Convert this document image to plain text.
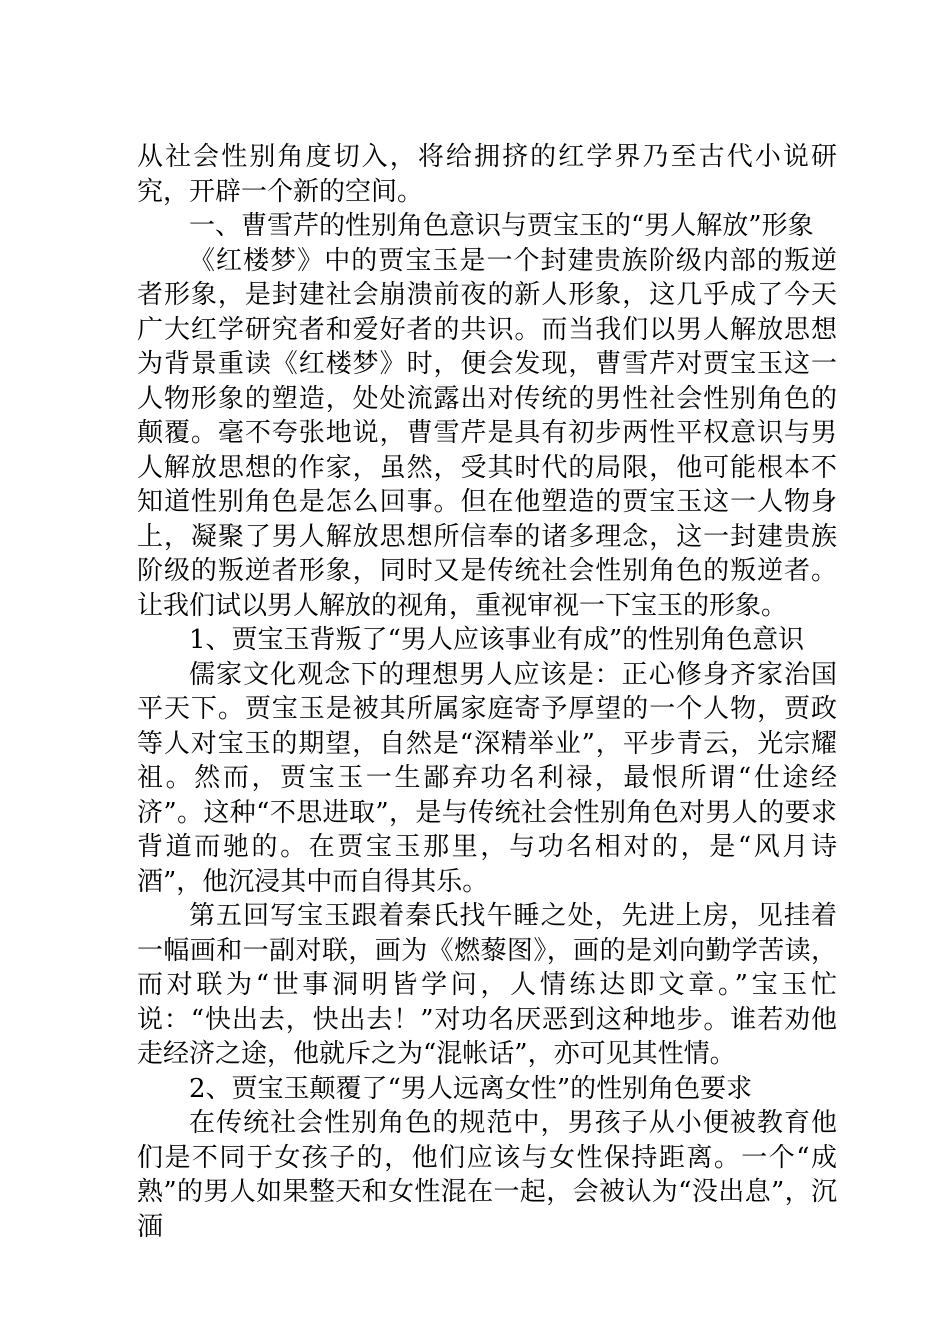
从社会性别角度切入，将给拥挤的红学界乃至古代小说研究，开辟一个新的空间。

一、曹雪芹的性别角色意识与贾宝玉的“男人解放”形象

《红楼梦》中的贾宝玉是一个封建贵族阶级内部的叛逆者形象，是封建社会崩溃前夜的新人形象，这几乎成了今天广大红学研究者和爱好者的共识。而当我们以男人解放思想为背景重读《红楼梦》时，便会发现，曹雪芹对贾宝玉这一人物形象的塑造，处处流露出对传统的男性社会性别角色的颠覆。毫不夸张地说，曹雪芹是具有初步两性平权意识与男人解放思想的作家，虽然，受其时代的局限，他可能根本不知道性别角色是怎么回事。但在他塑造的贾宝玉这一人物身上，凝聚了男人解放思想所信奉的诸多理念，这一封建贵族阶级的叛逆者形象，同时又是传统社会性别角色的叛逆者。让我们试以男人解放的视角，重视审视一下宝玉的形象。

1、贾宝玉背叛了“男人应该事业有成”的性别角色意识

儒家文化观念下的理想男人应该是：正心修身齐家治国平天下。贾宝玉是被其所属家庭寄予厚望的一个人物，贾政等人对宝玉的期望，自然是“深精举业”，平步青云，光宗耀祖。然而，贾宝玉一生鄙弃功名利禄，最恨所谓“仕途经济”。这种“不思进取”，是与传统社会性别角色对男人的要求背道而驰的。在贾宝玉那里，与功名相对的，是“风月诗酒”，他沉浸其中而自得其乐。

第五回写宝玉跟着秦氏找午睡之处，先进上房，见挂着一幅画和一副对联，画为《燃藜图》，画的是刘向勤学苦读，而对联为“世事洞明皆学问，人情练达即文章。”宝玉忙说：“快出去，快出去！”对功名厌恶到这种地步。谁若劝他走经济之途，他就斥之为“混帐话”，亦可见其性情。

2、贾宝玉颠覆了“男人远离女性”的性别角色要求

在传统社会性别角色的规范中，男孩子从小便被教育他们是不同于女孩子的，他们应该与女性保持距离。一个“成熟”的男人如果整天和女性混在一起，会被认为“没出息”，沉湎
